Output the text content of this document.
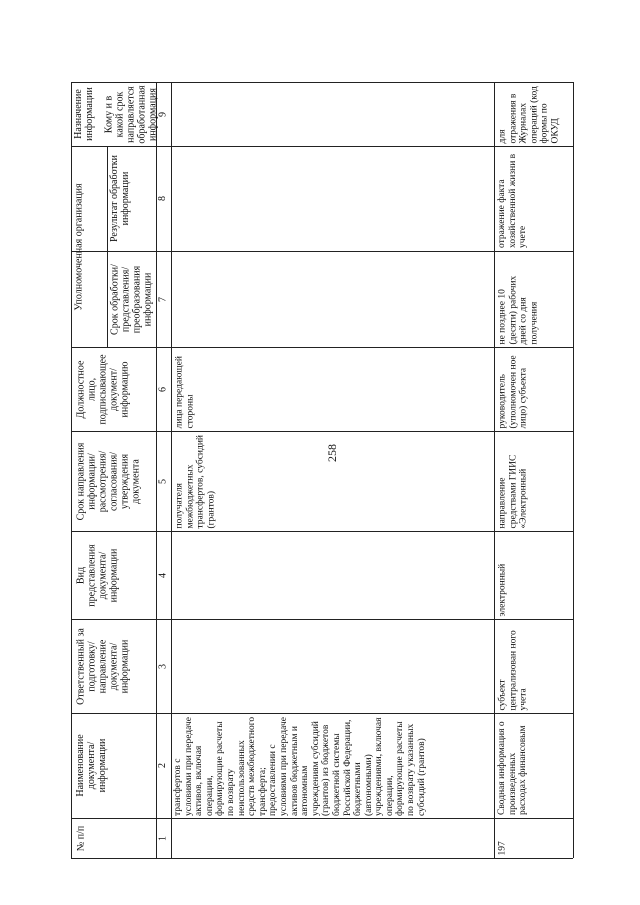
258
Уполномоченная организация
Назначение информации Кому и в какой срок направляется обработанная информация
Результат обработки информации
Срок обработки/ представления/ преобразования информации
Должностное лицо, подписывающее документ/ информацию
Срок направления информации/ рассмотрения/ согласования/ утверждения документа
Вид представления документа/ информации
Ответственный за подготовку/ направление документа/ информации
Наименование документа/ информации
№ п/п
9
8
7
6
5
4
3
2
1
трансфертов с условиями при передаче активов, включая операции, формирующие расчеты по возврату неиспользованных средств межбюджетного трансферта; предоставлении с условиями при передаче активов бюджетным и автономным учреждениям субсидий (грантов) из бюджетов бюджетной системы Российской Федерации, бюджетными (автономными) учреждениями, включая операции, формирующие расчеты по возврату указанных субсидий (грантов)
получателя межбюджетных трансфертов, субсидий (грантов)
лица передающей стороны
197
Сводная информация о произведенных расходах финансовым
субъект централизован ного учета
электронный
направление средствами ГИИС «Электронный
руководитель (уполномочен ное лицо) субъекта
не позднее 10 (десяти) рабочих дней со дня получения
отражение факта хозяйственной жизни в учете
для отражения в Журналах операций (код формы по ОКУД
